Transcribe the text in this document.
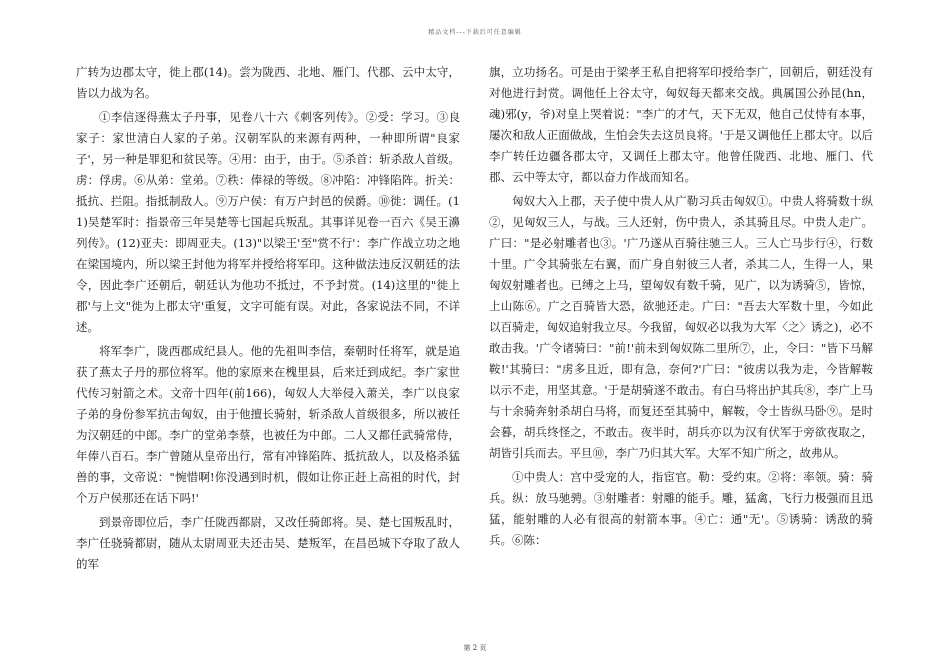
精品文档---下载后可任意编辑

广转为边郡太守，徙上郡(14)。尝为陇西、北地、雁门、代郡、云中太守，皆以力战为名。

①李信逐得燕太子丹事，见卷八十六《刺客列传》。②受：学习。③良家子：家世清白人家的子弟。汉朝军队的来源有两种，一种即所谓"良家子'，另一种是罪犯和贫民等。④用：由于，由于。⑤杀首：斩杀敌人首级。虏：俘虏。⑥从弟：堂弟。⑦秩：俸禄的等级。⑧冲陷：冲锋陷阵。折关：抵抗、拦阻。指抵制敌人。⑨万户侯：有万户封邑的侯爵。⑩徙：调任。(11)吴楚军时：指景帝三年吴楚等七国起兵叛乱。其事详见卷一百六《吴王濞列传》。(12)亚夫：即周亚夫。(13)"以梁王'至"赏不行'：李广作战立功之地在梁国境内，所以梁王封他为将军并授给将军印。这种做法违反汉朝廷的法令，因此李广还朝后，朝廷认为他功不抵过，不予封赏。(14)这里的"徙上郡'与上文"徙为上郡太守'重复，文字可能有误。对此，各家说法不同，不详述。

将军李广，陇西郡成纪县人。他的先祖叫李信，秦朝时任将军，就是追获了燕太子丹的那位将军。他的家原来在槐里县，后来迁到成纪。李广家世代传习射箭之术。文帝十四年(前166)，匈奴人大举侵入萧关，李广以良家子弟的身份参军抗击匈奴，由于他擅长骑射，斩杀敌人首级很多，所以被任为汉朝廷的中郎。李广的堂弟李蔡，也被任为中郎。二人又都任武骑常侍，年俸八百石。李广曾随从皇帝出行，常有冲锋陷阵、抵抗敌人，以及格杀猛兽的事，文帝说："惋惜啊!你没遇到时机，假如让你正赶上高祖的时代，封个万户侯那还在话下吗!'

到景帝即位后，李广任陇西都尉，又改任骑郎将。吴、楚七国叛乱时，李广任骁骑都尉，随从太尉周亚夫还击吴、楚叛军，在昌邑城下夺取了敌人的军

旗，立功扬名。可是由于梁孝王私自把将军印授给李广，回朝后，朝廷没有对他进行封赏。调他任上谷太守，匈奴每天都来交战。典属国公孙昆(hn，魂)邪(y，爷)对皇上哭着说："李广的才气，天下无双，他自己仗恃有本事，屡次和敌人正面做战，生怕会失去这员良将。'于是又调他任上郡太守。以后李广转任边疆各郡太守，又调任上郡太守。他曾任陇西、北地、雁门、代郡、云中等太守，都以奋力作战而知名。

匈奴大入上郡，天子使中贵人从广勒习兵击匈奴①。中贵人将骑数十纵②，见匈奴三人，与战。三人还射，伤中贵人，杀其骑且尽。中贵人走广。广曰："是必射雕者也③。'广乃遂从百骑往驰三人。三人亡马步行④，行数十里。广令其骑张左右翼，而广身自射彼三人者，杀其二人，生得一人，果匈奴射雕者也。已缚之上马，望匈奴有数千骑，见广，以为诱骑⑤，皆惊，上山陈⑥。广之百骑皆大恐，欲驰还走。广曰："吾去大军数十里，今如此以百骑走，匈奴追射我立尽。今我留，匈奴必以我为大军〈之〉诱之)，必不敢击我。'广令诸骑曰："前!'前未到匈奴陈二里所⑦，止，令曰："皆下马解鞍!'其骑曰："虏多且近，即有急，奈何?'广曰："彼虏以我为走，今皆解鞍以示不走，用坚其意。'于是胡骑遂不敢击。有白马将出护其兵⑧，李广上马与十余骑奔射杀胡白马将，而复还至其骑中，解鞍，令士皆纵马卧⑨。是时会暮，胡兵终怪之，不敢击。夜半时，胡兵亦以为汉有伏军于旁欲夜取之，胡皆引兵而去。平旦⑩，李广乃归其大军。大军不知广所之，故弗从。

①中贵人：宫中受宠的人，指宦官。勒：受约束。②将：率领。骑：骑兵。纵：放马驰骋。③射雕者：射雕的能手。雕，猛禽，飞行力极强而且迅猛，能射雕的人必有很高的射箭本事。④亡：通"无'。⑤诱骑：诱敌的骑兵。⑥陈：

第 2 页
